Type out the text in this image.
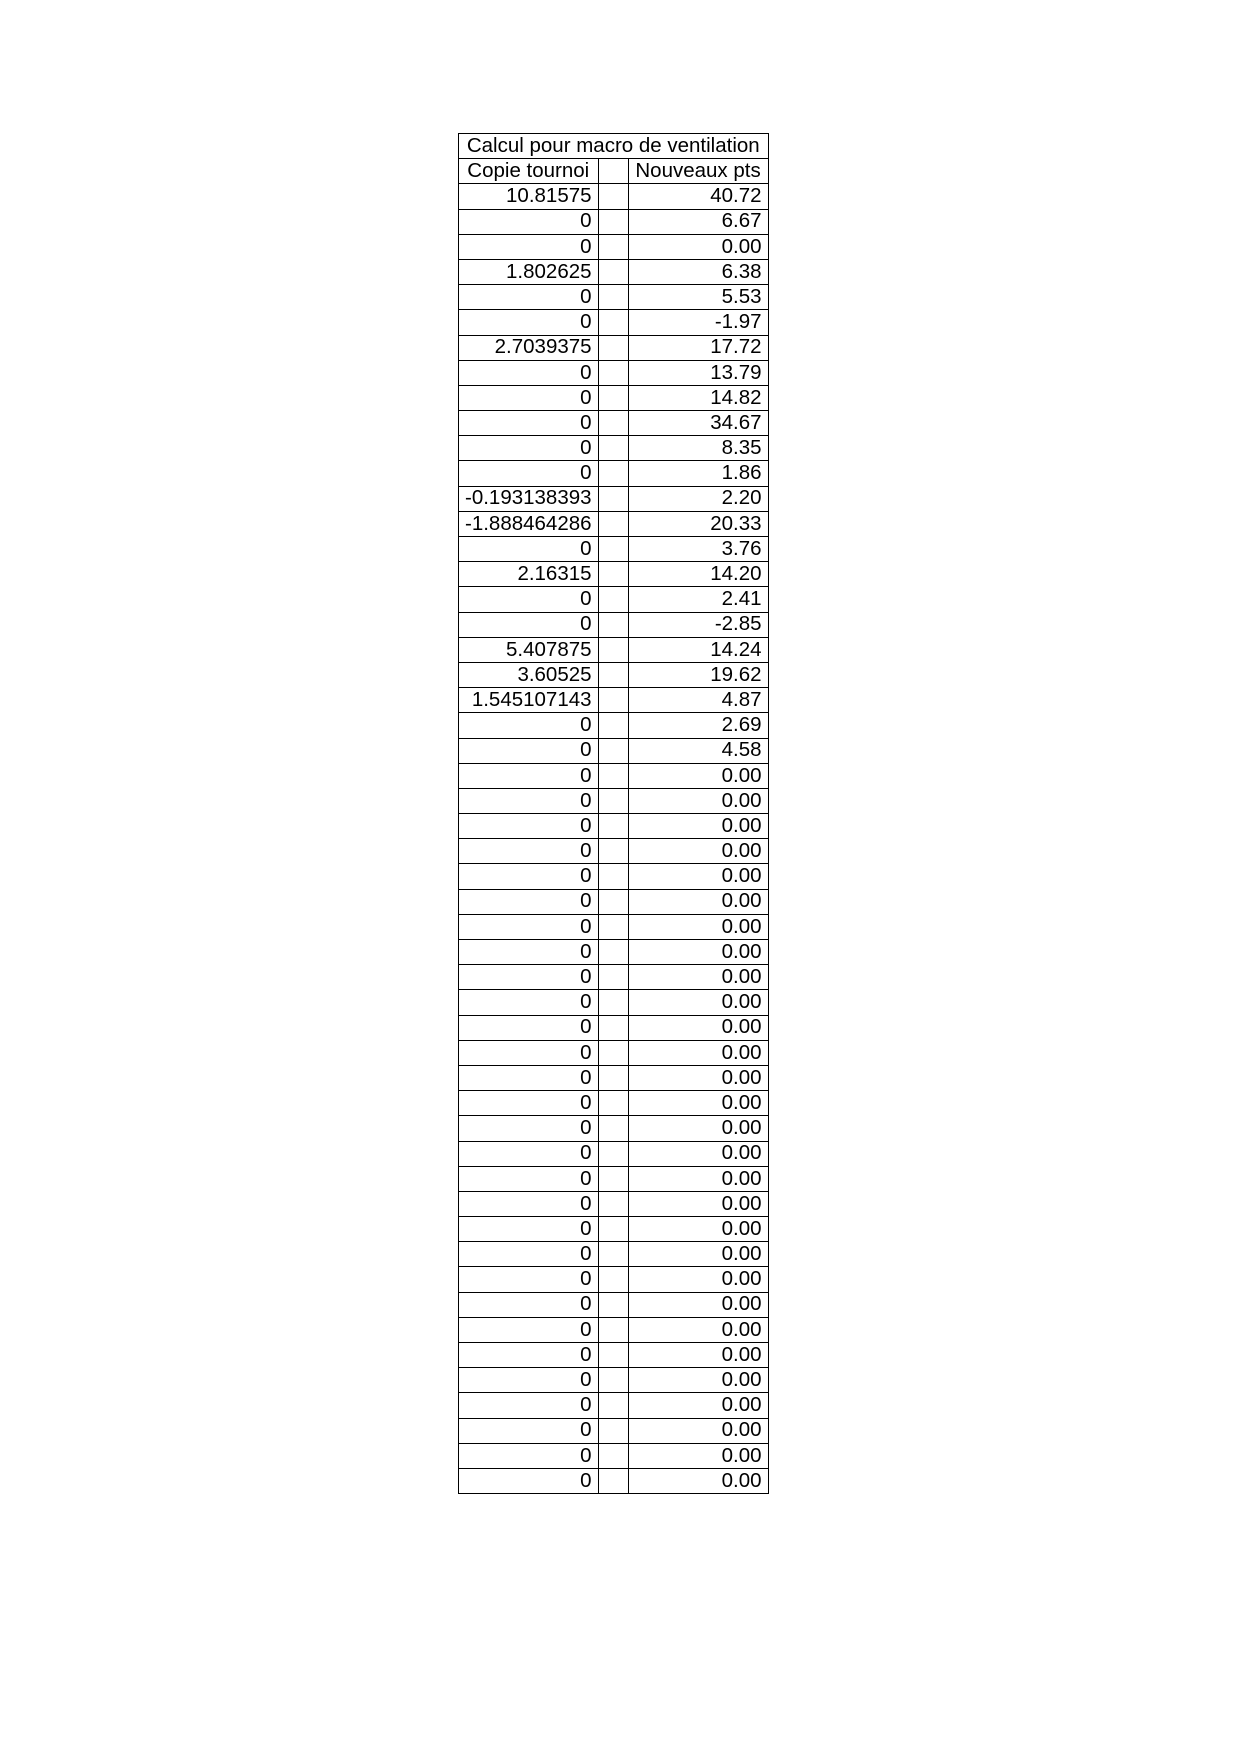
Calcul pour macro de ventilation		
Copie tournoi		Nouveaux pts
10.81575		40.72
0		6.67
0		0.00
1.802625		6.38
0		5.53
0		-1.97
2.7039375		17.72
0		13.79
0		14.82
0		34.67
0		8.35
0		1.86
-0.193138393		2.20
-1.888464286		20.33
0		3.76
2.16315		14.20
0		2.41
0		-2.85
5.407875		14.24
3.60525		19.62
1.545107143		4.87
0		2.69
0		4.58
0		0.00
0		0.00
0		0.00
0		0.00
0		0.00
0		0.00
0		0.00
0		0.00
0		0.00
0		0.00
0		0.00
0		0.00
0		0.00
0		0.00
0		0.00
0		0.00
0		0.00
0		0.00
0		0.00
0		0.00
0		0.00
0		0.00
0		0.00
0		0.00
0		0.00
0		0.00
0		0.00
0		0.00
0		0.00
